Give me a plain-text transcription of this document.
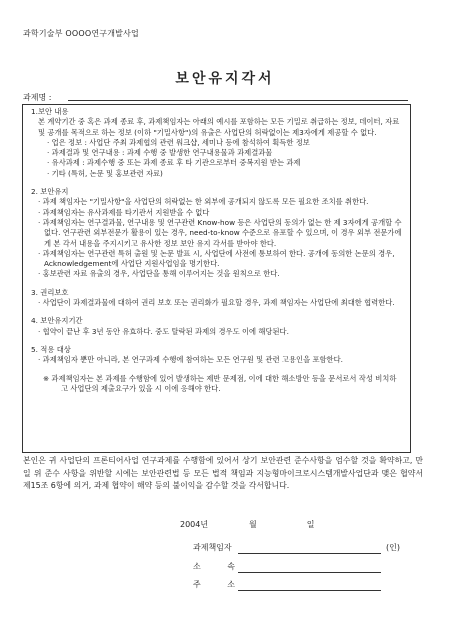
과학기술부 OOOO연구개발사업
보안유지각서
과제명 :
1.보안 내용
본 계약기간 중 혹은 과제 종료 후, 과제책임자는 아래의 예시를 포함하는 모든 기밀로 취급하는 정보, 데이터, 자료 및 공개를 목적으로 하는 정보 (이하 "기밀사항")의 유출은 사업단의 허락없이는 제3자에게 제공할 수 없다.
· 업은 정보 : 사업단 주최 과제협의 관련 워크샵, 세미나 등에 참석하여 획득한 정보
· 과제결과 및 연구내용 : 과제 수행 중 발생한 연구내용물과 과제결과물
· 유사과제 : 과제수행 중 또는 과제 종료 후 타 기관으로부터 중복지원 받는 과제
· 기타 (특허, 논문 및 홍보관련 자료)
2. 보안유지
· 과제 책임자는 "기밀사항"을 사업단의 허락없는 한 외부에 공개되지 않도록 모든 필요한 조치를 취한다.
· 과제책임자는 유사과제를 타기관서 지원받을 수 없다
· 과제책임자는 연구결과물, 연구내용 및 연구관련 Know-how 등은 사업단의 동의가 없는 한 제 3자에게 공개할 수 없다. 연구관련 외부전문가 활용이 있는 경우, need-to-know 수준으로 유포할 수 있으며, 이 경우 외부 전문가에게 본 각서 내용을 주지시키고 유사한 정보 보안 유지 각서를 받아야 한다.
· 과제책임자는 연구관련 특허 출원 및 논문 발표 시, 사업단에 사전에 통보하여 한다. 공개에 동의한 논문의 경우, Acknowledgement에 사업단 지원사업임을 명기한다.
· 홍보관련 자료 유출의 경우, 사업단을 통해 이루어지는 것을 원칙으로 한다.
3. 권리보호
· 사업단이 과제결과물에 대하여 권리 보호 또는 권리화가 필요할 경우, 과제 책임자는 사업단에 최대한 협력한다.
4. 보안유지기간
· 협약이 끝난 후 3년 동안 유효하다. 중도 탈락된 과제의 경우도 이에 해당된다.
5. 적용 대상
· 과제책임자 뿐만 아니라, 본 연구과제 수행에 참여하는 모든 연구원 및 관련 고용인을 포함한다.
※ 과제책임자는 본 과제를 수행함에 있어 발생하는 제반 문제점, 이에 대한 해소방안 등을 문서로서 작성 비치하고 사업단의 제출요구가 있을 시 이에 응해야 한다.
본인은 귀 사업단의 프론티어사업 연구과제를 수행함에 있어서 상기 보안관련 준수사항을 엄수할 것을 확약하고, 만일 위 준수 사항을 위반할 시에는 보안관련법 등 모든 법적 책임과 지능형마이크로시스템개발사업단과 맺은 협약서 제15조 6항에 의거, 과제 협약이 해약 등의 불이익을 감수할 것을 각서합니다.
2004년	월	일
과제책임자	(인)
소 속
주 소
